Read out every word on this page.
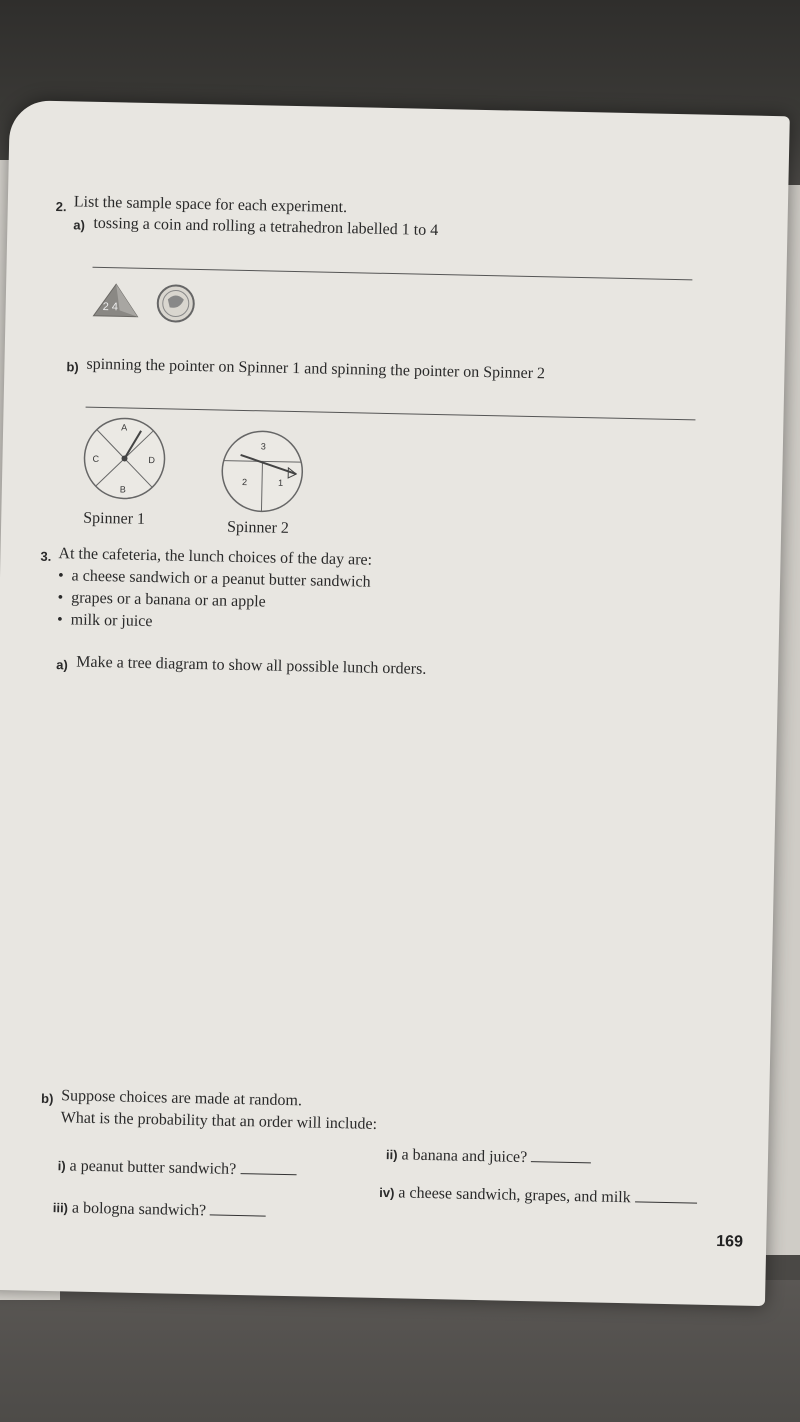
2. List the sample space for each experiment.
a) tossing a coin and rolling a tetrahedron labelled 1 to 4
2 4
b) spinning the pointer on Spinner 1 and spinning the pointer on Spinner 2
A
C	D
B
Spinner 1
3
2	1
Spinner 2
3. At the cafeteria, the lunch choices of the day are:
•  a cheese sandwich or a peanut butter sandwich
•  grapes or a banana or an apple
•  milk or juice
a) Make a tree diagram to show all possible lunch orders.
b) Suppose choices are made at random.
What is the probability that an order will include:
i) a peanut butter sandwich?
ii) a banana and juice?
iii) a bologna sandwich?
iv) a cheese sandwich, grapes, and milk
169
